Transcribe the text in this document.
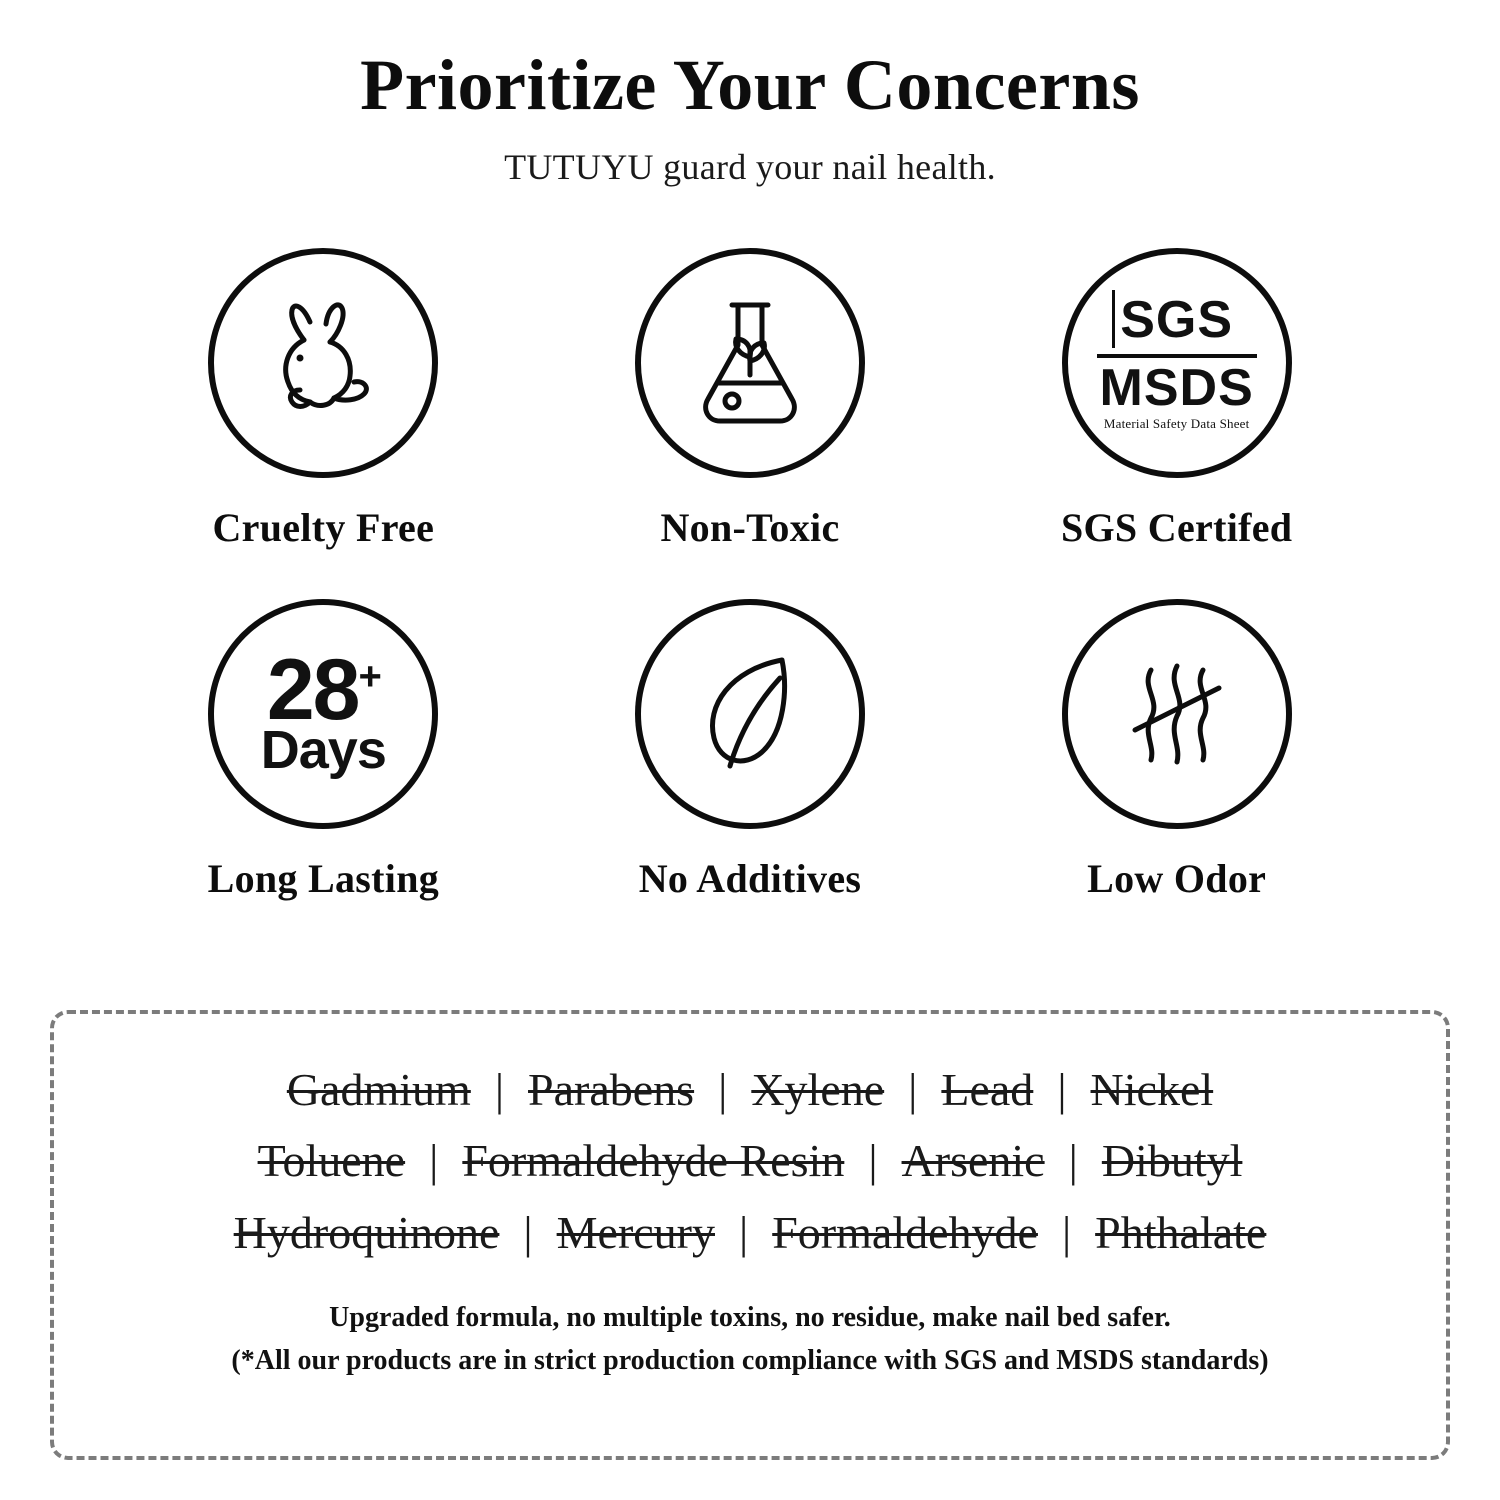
Prioritize Your Concerns
TUTUYU guard your nail health.
Cruelty Free	Non-Toxic
SGS
MSDS
Material Safety Data Sheet
SGS Certifed
28+
Days
Long Lasting	No Additives	Low Odor
Gadmium | Parabens | Xylene | Lead | Nickel
Toluene | Formaldehyde Resin | Arsenic | Dibutyl
Hydroquinone | Mercury | Formaldehyde | Phthalate
Upgraded formula, no multiple toxins, no residue, make nail bed safer.
(*All our products are in strict production compliance with SGS and MSDS standards)
